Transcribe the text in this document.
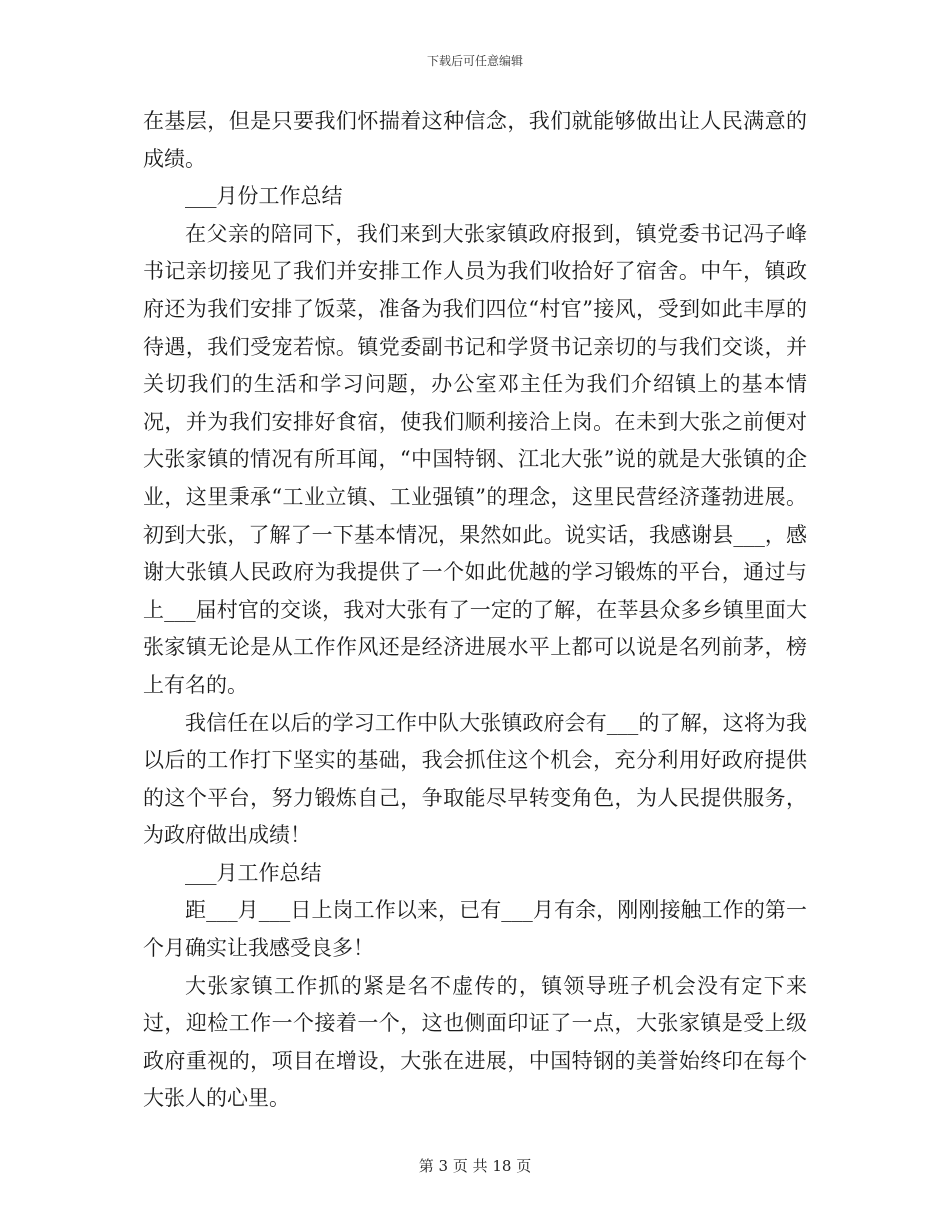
下载后可任意编辑

在基层，但是只要我们怀揣着这种信念，我们就能够做出让人民满意的成绩。

___月份工作总结

在父亲的陪同下，我们来到大张家镇政府报到，镇党委书记冯子峰书记亲切接见了我们并安排工作人员为我们收拾好了宿舍。中午，镇政府还为我们安排了饭菜，准备为我们四位“村官”接风，受到如此丰厚的待遇，我们受宠若惊。镇党委副书记和学贤书记亲切的与我们交谈，并关切我们的生活和学习问题，办公室邓主任为我们介绍镇上的基本情况，并为我们安排好食宿，使我们顺利接洽上岗。在未到大张之前便对大张家镇的情况有所耳闻，“中国特钢、江北大张”说的就是大张镇的企业，这里秉承“工业立镇、工业强镇”的理念，这里民营经济蓬勃进展。初到大张，了解了一下基本情况，果然如此。说实话，我感谢县___，感谢大张镇人民政府为我提供了一个如此优越的学习锻炼的平台，通过与上___届村官的交谈，我对大张有了一定的了解，在莘县众多乡镇里面大张家镇无论是从工作作风还是经济进展水平上都可以说是名列前茅，榜上有名的。

我信任在以后的学习工作中队大张镇政府会有___的了解，这将为我以后的工作打下坚实的基础，我会抓住这个机会，充分利用好政府提供的这个平台，努力锻炼自己，争取能尽早转变角色，为人民提供服务，为政府做出成绩！

___月工作总结

距___月___日上岗工作以来，已有___月有余，刚刚接触工作的第一个月确实让我感受良多！

大张家镇工作抓的紧是名不虚传的，镇领导班子机会没有定下来过，迎检工作一个接着一个，这也侧面印证了一点，大张家镇是受上级政府重视的，项目在增设，大张在进展，中国特钢的美誉始终印在每个大张人的心里。

第 3 页 共 18 页
